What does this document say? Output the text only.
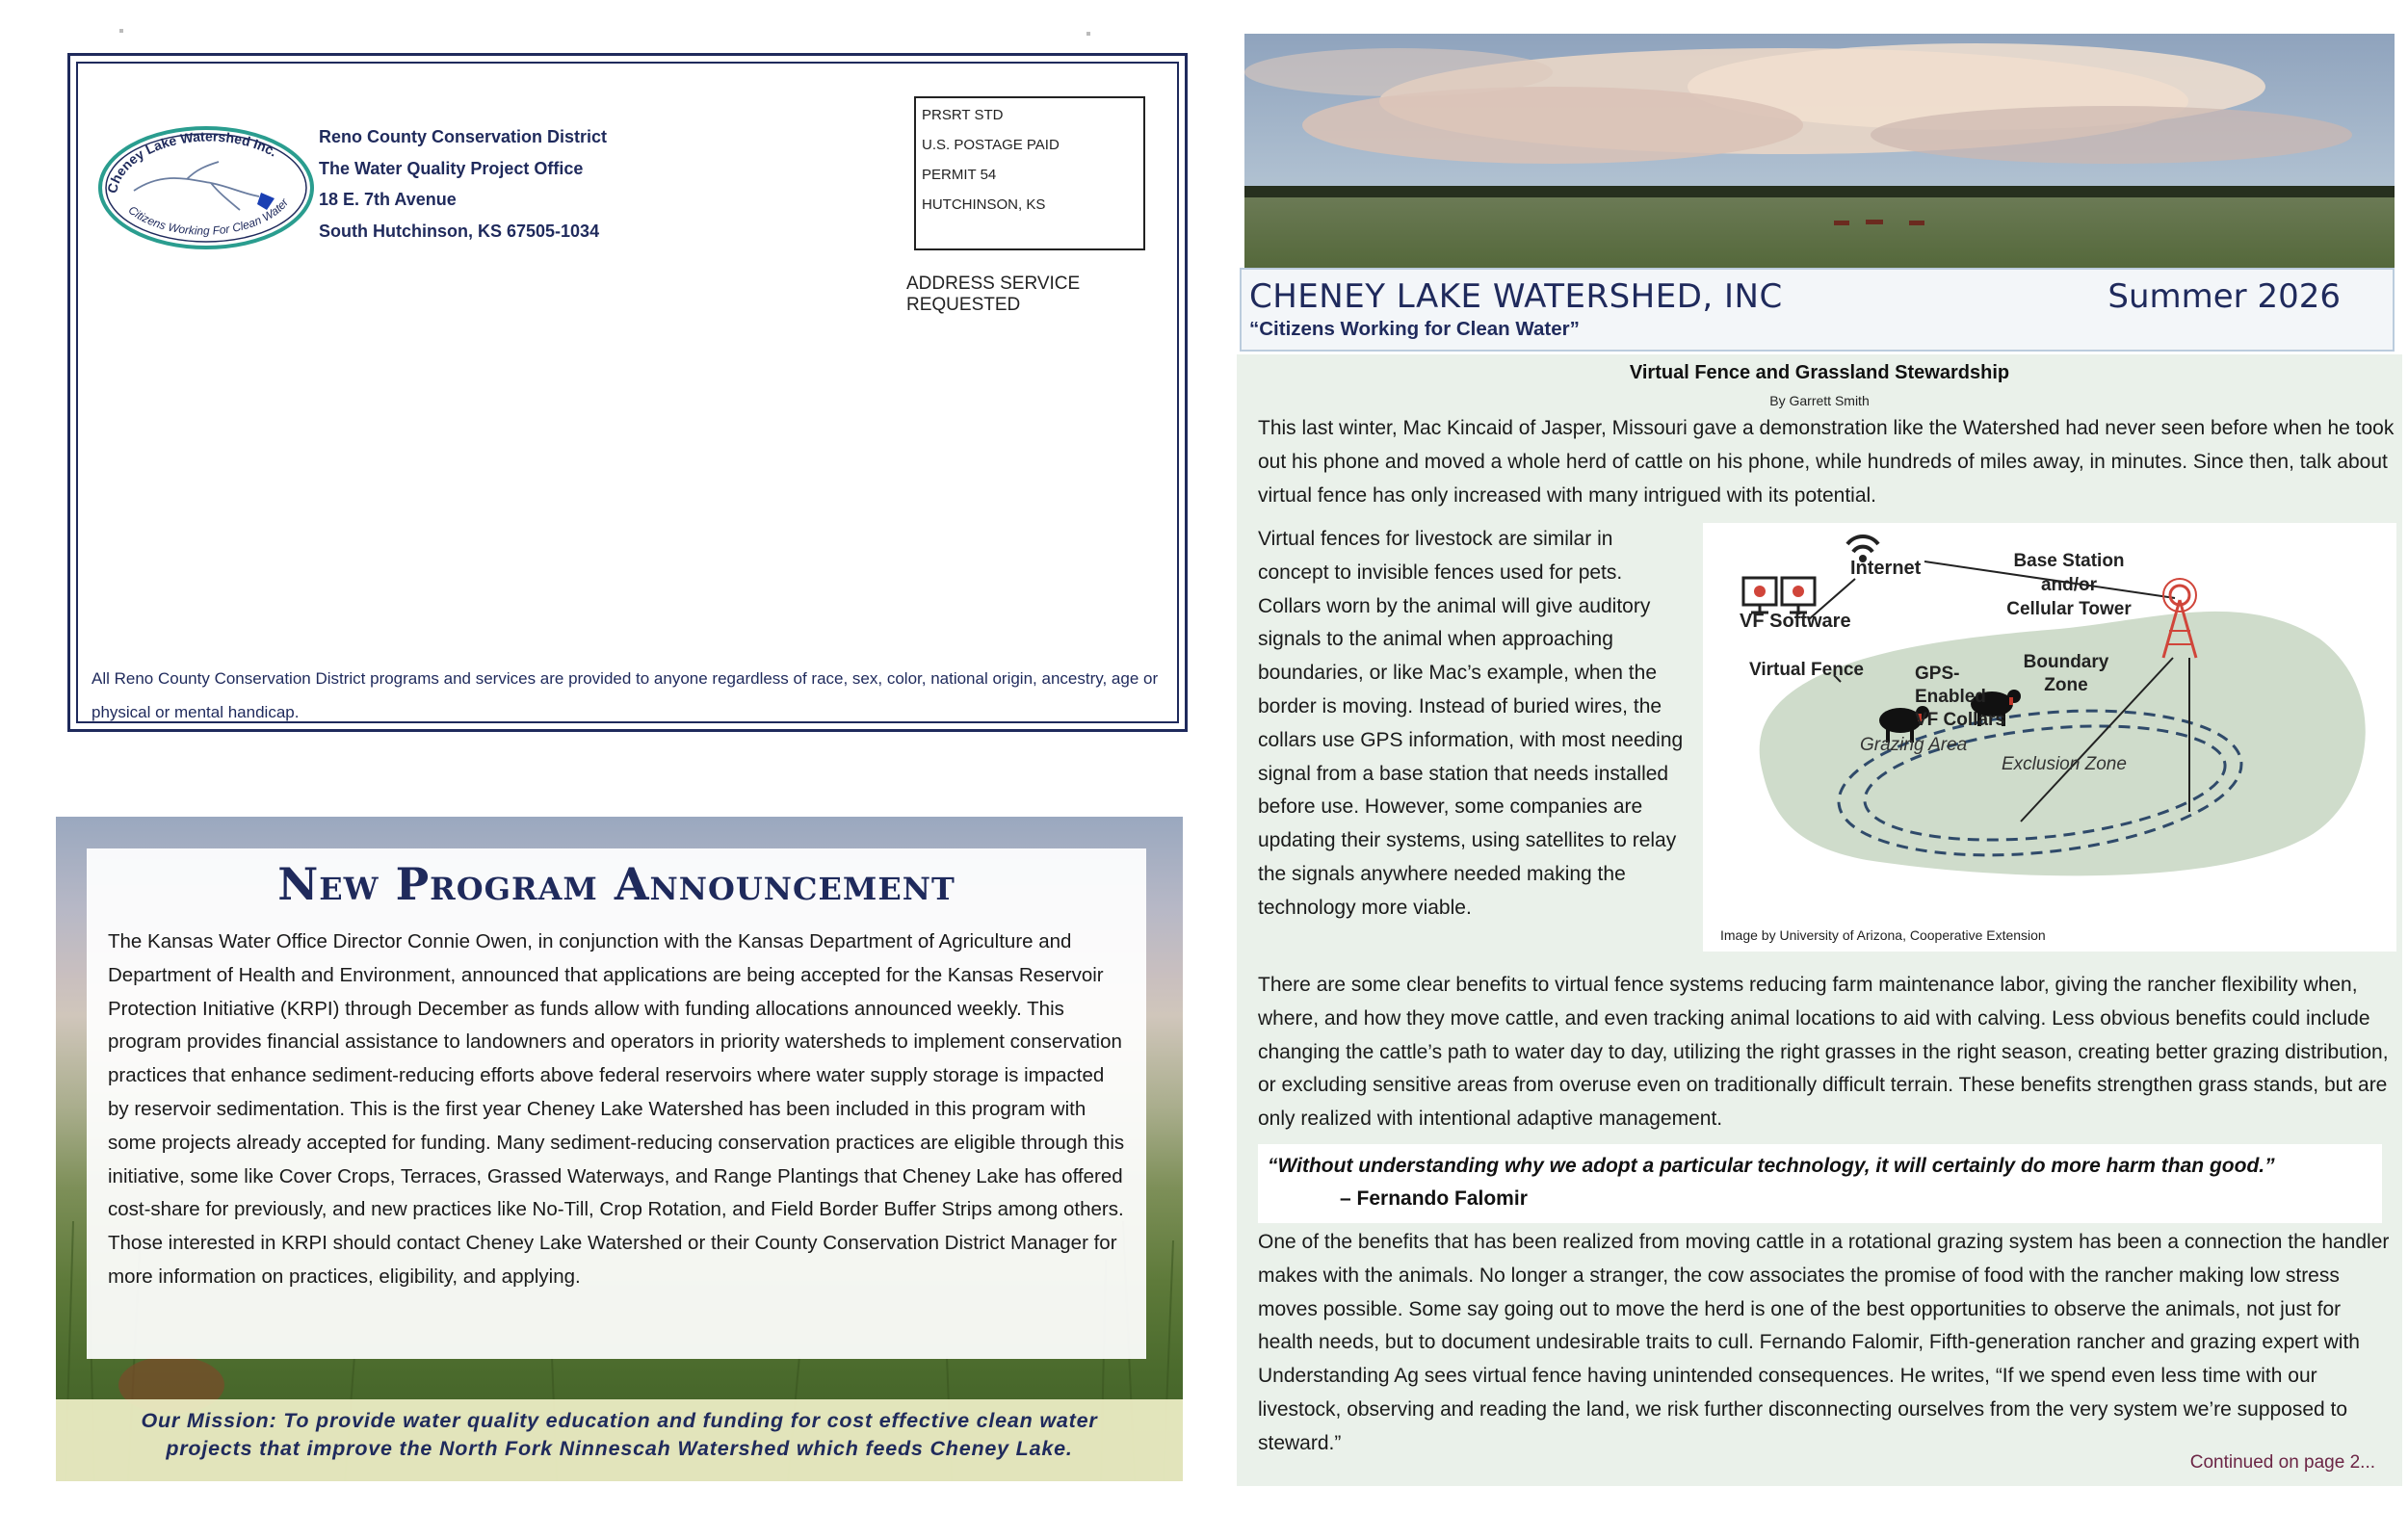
Cheney Lake Watershed Inc.
Citizens Working For Clean Water
Reno County Conservation District
The Water Quality Project Office
18 E. 7th Avenue
South Hutchinson, KS 67505-1034
PRSRT STD
U.S. POSTAGE PAID
PERMIT 54
HUTCHINSON, KS
ADDRESS SERVICE REQUESTED
All Reno County Conservation District programs and services are provided to anyone regardless of race, sex, color, national origin, ancestry, age or physical or mental handicap.
New Program Announcement
The Kansas Water Office Director Connie Owen, in conjunction with the Kansas Department of Agriculture and Department of Health and Environment, announced that applications are being accepted for the Kansas Reservoir Protection Initiative (KRPI) through December as funds allow with funding allocations announced weekly. This program provides financial assistance to landowners and operators in priority watersheds to implement conservation practices that enhance sediment-reducing efforts above federal reservoirs where water supply storage is impacted by reservoir sedimentation. This is the first year Cheney Lake Watershed has been included in this program with some projects already accepted for funding. Many sediment-reducing conservation practices are eligible through this initiative, some like Cover Crops, Terraces, Grassed Waterways, and Range Plantings that Cheney Lake has offered cost-share for previously, and new practices like No-Till, Crop Rotation, and Field Border Buffer Strips among others. Those interested in KRPI should contact Cheney Lake Watershed or their County Conservation District Manager for more information on practices, eligibility, and applying.
Our Mission: To provide water quality education and funding for cost effective clean water
projects that improve the North Fork Ninnescah Watershed which feeds Cheney Lake.
CHENEY LAKE WATERSHED, INC	Summer 2026
“Citizens Working for Clean Water”
Virtual Fence and Grassland Stewardship
By Garrett Smith
This last winter, Mac Kincaid of Jasper, Missouri gave a demonstration like the Watershed had never seen before when he took out his phone and moved a whole herd of cattle on his phone, while hundreds of miles away, in minutes. Since then, talk about virtual fence has only increased with many intrigued with its potential.
Virtual fences for livestock are similar in concept to invisible fences used for pets. Collars worn by the animal will give auditory signals to the animal when approaching boundaries, or like Mac’s example, when the border is moving. Instead of buried wires, the collars use GPS information, with most needing signal from a base station that needs installed before use. However, some companies are updating their systems, using satellites to relay the signals anywhere needed making the technology more viable.
Internet	Base Station
and/or
Cellular Tower
VF Software
Virtual Fence	GPS-
Enabled
VF Collars
Boundary
Zone
Grazing Area
Exclusion Zone
Image by University of Arizona, Cooperative Extension
There are some clear benefits to virtual fence systems reducing farm maintenance labor, giving the rancher flexibility when, where, and how they move cattle, and even tracking animal locations to aid with calving. Less obvious benefits could include changing the cattle’s path to water day to day, utilizing the right grasses in the right season, creating better grazing distribution, or excluding sensitive areas from overuse even on traditionally difficult terrain. These benefits strengthen grass stands, but are only realized with intentional adaptive management.
“Without understanding why we adopt a particular technology, it will certainly do more harm than good.”
– Fernando Falomir
One of the benefits that has been realized from moving cattle in a rotational grazing system has been a connection the handler makes with the animals. No longer a stranger, the cow associates the promise of food with the rancher making low stress moves possible. Some say going out to move the herd is one of the best opportunities to observe the animals, not just for health needs, but to document undesirable traits to cull. Fernando Falomir, Fifth-generation rancher and grazing expert with Understanding Ag sees virtual fence having unintended consequences. He writes, “If we spend even less time with our livestock, observing and reading the land, we risk further disconnecting ourselves from the very system we’re supposed to steward.”
Continued on page 2...
